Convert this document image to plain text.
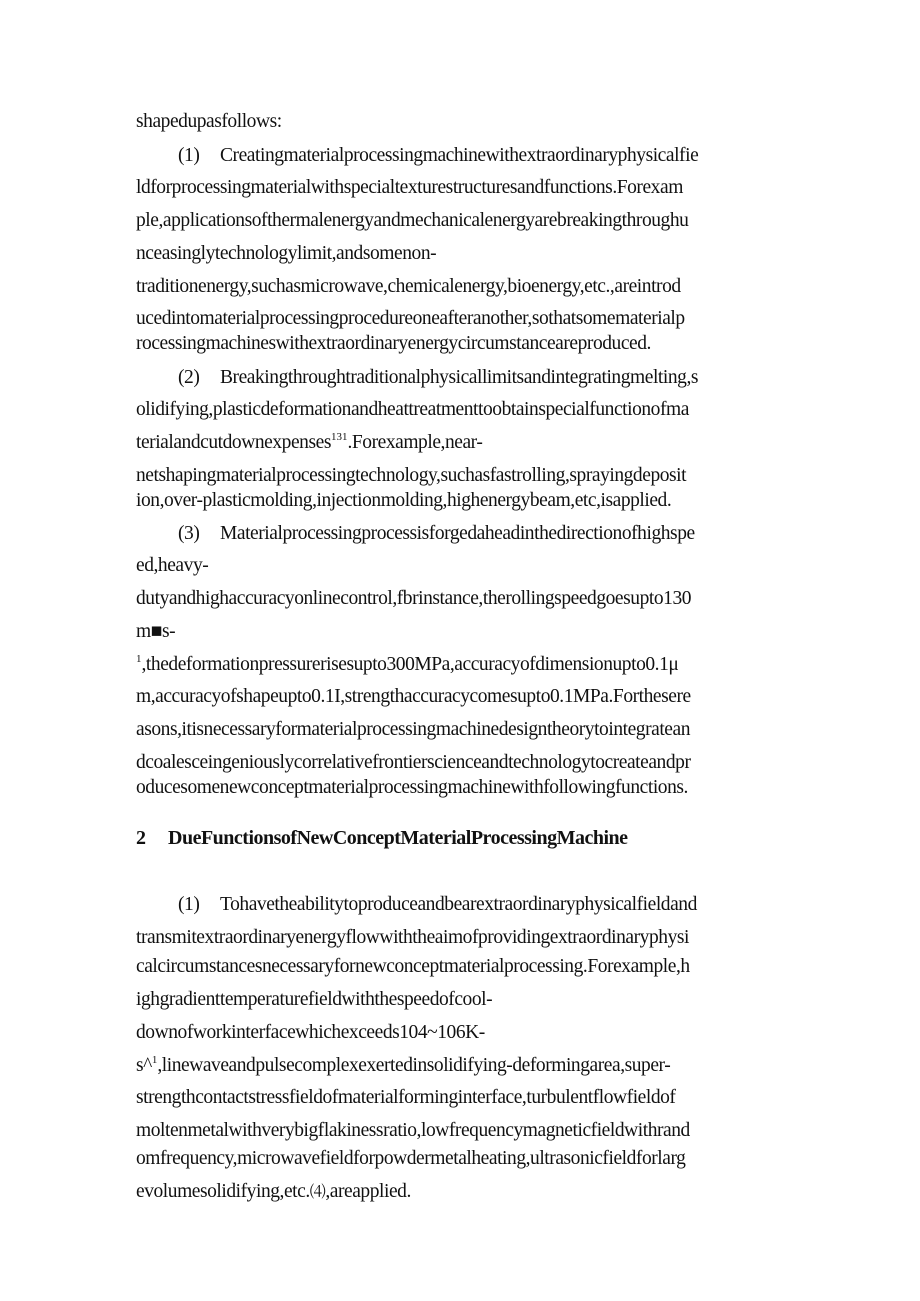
shapedupasfollows:
(1) Creatingmaterialprocessingmachinewithextraordinaryphysicalfie
ldforprocessingmaterialwithspecialtexturestructuresandfunctions.Forexam
ple,applicationsofthermalenergyandmechanicalenergyarebreakingthroughu
nceasinglytechnologylimit,andsomenon-
traditionenergy,suchasmicrowave,chemicalenergy,bioenergy,etc.,areintrod
ucedintomaterialprocessingprocedureoneafteranother,sothatsomematerialp
rocessingmachineswithextraordinaryenergycircumstanceareproduced.
(2) Breakingthroughtraditionalphysicallimitsandintegratingmelting,s
olidifying,plasticdeformationandheattreatmenttoobtainspecialfunctionofma
terialandcutdownexpenses$^{131}$.Forexample,near-
netshapingmaterialprocessingtechnology,suchasfastrolling,sprayingdeposit
ion,over-plasticmolding,injectionmolding,highenergybeam,etc,isapplied.
(3) Materialprocessingprocessisforgedaheadinthedirectionofhighspe
ed,heavy-
dutyandhighaccuracyonlinecontrol,fbrinstance,therollingspeedgoesupto130
m■s-
$^1$,thedeformationpressurerisesupto300MPa,accuracyofdimensionupto0.1μ
m,accuracyofshapeupto0.1I,strengthaccuracycomesupto0.1MPa.Forthesere
asons,itisnecessaryformaterialprocessingmachinedesigntheorytointegratean
dcoalesceingeniouslycorrelativefrontierscienceandtechnologytocreateandpr
oducesomenewconceptmaterialprocessingmachinewithfollowingfunctions.
2 DueFunctionsofNewConceptMaterialProcessingMachine
(1) Tohavetheabilitytoproduceandbearextraordinaryphysicalfieldand
transmitextraordinaryenergyflowwiththeaimofprovidingextraordinaryphysi
calcircumstancesnecessaryfornewconceptmaterialprocessing.Forexample,h
ighgradienttemperaturefieldwiththespeedofcool-
downofworkinterfacewhichexceeds104~106K-
s^$^1$,linewaveandpulsecomplexexertedinsolidifying-deformingarea,super-
strengthcontactstressfieldofmaterialforminginterface,turbulentflowfieldof
moltenmetalwithverybigflakinessratio,lowfrequencymagneticfieldwithrand
omfrequency,microwavefieldforpowdermetalheating,ultrasonicfieldforlarg
evolumesolidifying,etc.⑷,areapplied.
